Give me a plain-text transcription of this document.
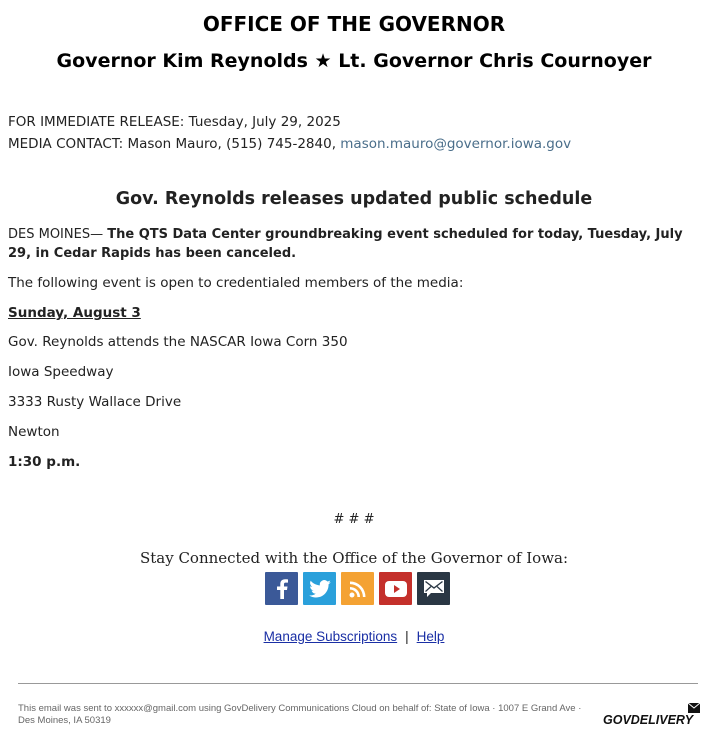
OFFICE OF THE GOVERNOR
Governor Kim Reynolds ★ Lt. Governor Chris Cournoyer
FOR IMMEDIATE RELEASE: Tuesday, July 29, 2025
MEDIA CONTACT: Mason Mauro, (515) 745-2840, mason.mauro@governor.iowa.gov
Gov. Reynolds releases updated public schedule
DES MOINES— The QTS Data Center groundbreaking event scheduled for today, Tuesday, July 29, in Cedar Rapids has been canceled.
The following event is open to credentialed members of the media:
Sunday, August 3
Gov. Reynolds attends the NASCAR Iowa Corn 350
Iowa Speedway
3333 Rusty Wallace Drive
Newton
1:30 p.m.
# # #
Stay Connected with the Office of the Governor of Iowa:
Manage Subscriptions | Help
This email was sent to xxxxxx@gmail.com using GovDelivery Communications Cloud on behalf of: State of Iowa · 1007 E Grand Ave · Des Moines, IA 50319	GOVDELIVERY
